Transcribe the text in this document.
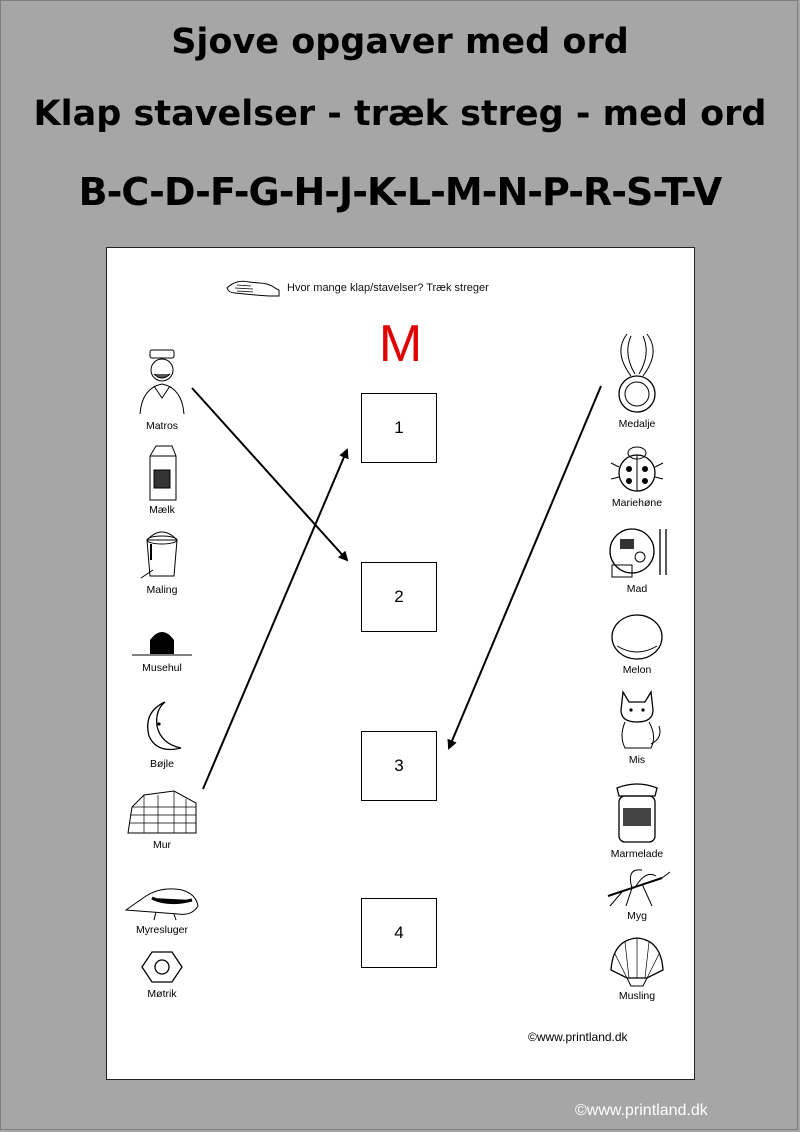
Sjove opgaver med ord
Klap stavelser - træk streg - med ord
B-C-D-F-G-H-J-K-L-M-N-P-R-S-T-V
Hvor mange klap/stavelser? Træk streger
M
1
2
3
4
Matros
Mælk
Maling
Musehul
Bøjle
Mur
Myresluger
Møtrik
Medalje
Mariehøne
Mad
Melon
Mis
Marmelade
Myg
Musling
©www.printland.dk
©www.printland.dk
